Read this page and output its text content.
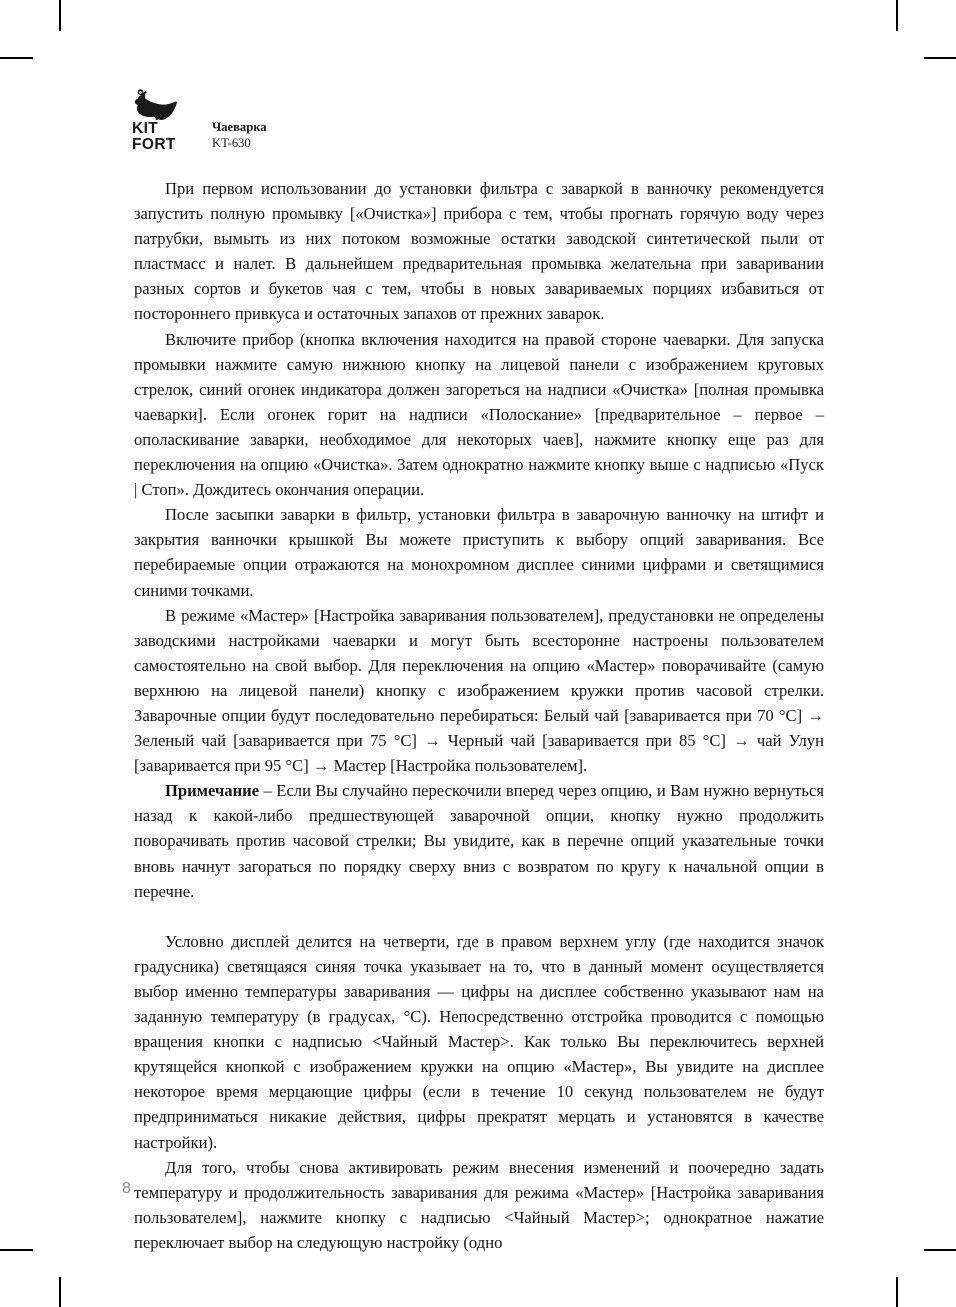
KIT
FORT
Чаеварка
KT-630

При первом использовании до установки фильтра с заваркой в ванночку рекомендуется запустить полную промывку [«Очистка»] прибора с тем, чтобы прогнать горячую воду через патрубки, вымыть из них потоком возможные остатки заводской синтетической пыли от пластмасс и налет. В дальнейшем предварительная промывка желательна при заваривании разных сортов и букетов чая с тем, чтобы в новых завариваемых порциях избавиться от постороннего привкуса и остаточных запахов от прежних заварок.

Включите прибор (кнопка включения находится на правой стороне чаеварки. Для запуска промывки нажмите самую нижнюю кнопку на лицевой панели с изображением круговых стрелок, синий огонек индикатора должен загореться на надписи «Очистка» [полная промывка чаеварки]. Если огонек горит на надписи «Полоскание» [предварительное – первое – ополаскивание заварки, необходимое для некоторых чаев], нажмите кнопку еще раз для переключения на опцию «Очистка». Затем однократно нажмите кнопку выше с надписью «Пуск | Стоп». Дождитесь окончания операции.

После засыпки заварки в фильтр, установки фильтра в заварочную ванночку на штифт и закрытия ванночки крышкой Вы можете приступить к выбору опций заваривания. Все перебираемые опции отражаются на монохромном дисплее синими цифрами и светящимися синими точками.

В режиме «Мастер» [Настройка заваривания пользователем], предустановки не определены заводскими настройками чаеварки и могут быть всесторонне настроены пользователем самостоятельно на свой выбор. Для переключения на опцию «Мастер» поворачивайте (самую верхнюю на лицевой панели) кнопку с изображением кружки против часовой стрелки. Заварочные опции будут последовательно перебираться: Белый чай [заваривается при 70 °C] → Зеленый чай [заваривается при 75 °C] → Черный чай [заваривается при 85 °C] → чай Улун [заваривается при 95 °C] → Мастер [Настройка пользователем].

Примечание – Если Вы случайно перескочили вперед через опцию, и Вам нужно вернуться назад к какой-либо предшествующей заварочной опции, кнопку нужно продолжить поворачивать против часовой стрелки; Вы увидите, как в перечне опций указательные точки вновь начнут загораться по порядку сверху вниз с возвратом по кругу к начальной опции в перечне.

Условно дисплей делится на четверти, где в правом верхнем углу (где находится значок градусника) светящаяся синяя точка указывает на то, что в данный момент осуществляется выбор именно температуры заваривания — цифры на дисплее собственно указывают нам на заданную температуру (в градусах, °C). Непосредственно отстройка проводится с помощью вращения кнопки с надписью <Чайный Мастер>. Как только Вы переключитесь верхней крутящейся кнопкой с изображением кружки на опцию «Мастер», Вы увидите на дисплее некоторое время мерцающие цифры (если в течение 10 секунд пользователем не будут предприниматься никакие действия, цифры прекратят мерцать и установятся в качестве настройки).

Для того, чтобы снова активировать режим внесения изменений и поочередно задать температуру и продолжительность заваривания для режима «Мастер» [Настройка заваривания пользователем], нажмите кнопку с надписью <Чайный Мастер>; однократное нажатие переключает выбор на следующую настройку (одно

8
